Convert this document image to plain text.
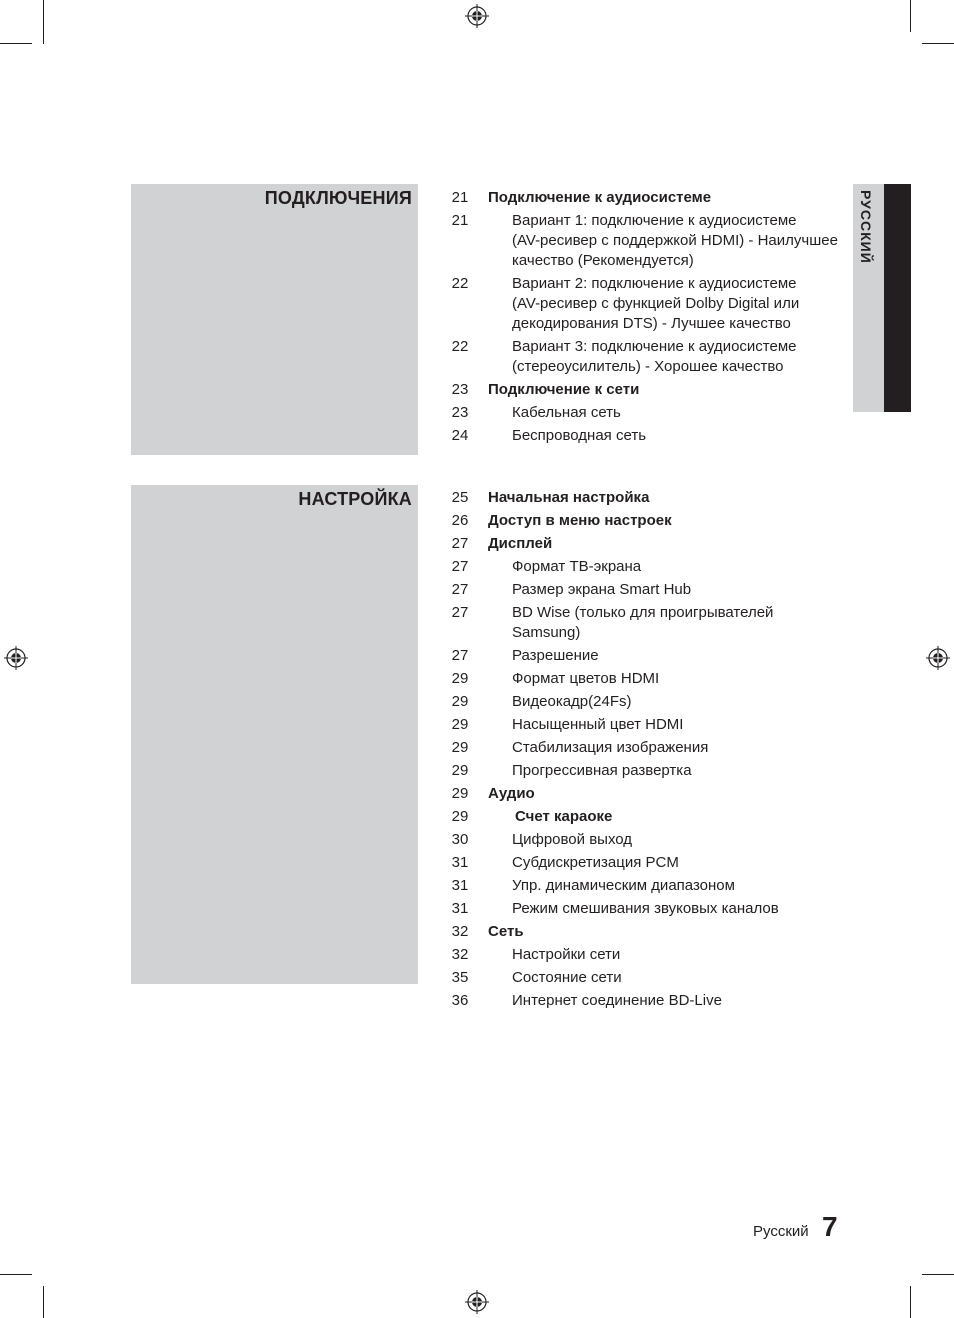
ПОДКЛЮЧЕНИЯ	21	Подключение к аудиосистеме
21	Вариант 1: подключение к аудиосистеме
(AV-ресивер с поддержкой HDMI) - Наилучшее
качество (Рекомендуется)
22	Вариант 2: подключение к аудиосистеме
(AV-ресивер с функцией Dolby Digital или
декодирования DTS) - Лучшее качество
22	Вариант 3: подключение к аудиосистеме
(стереоусилитель) - Хорошее качество
23	Подключение к сети
23	Кабельная сеть
24	Беспроводная сеть
НАСТРОЙКА	25	Начальная настройка
26	Доступ в меню настроек
27	Дисплей
27	Формат ТВ-экрана
27	Размер экрана Smart Hub
27	BD Wise (только для проигрывателей Samsung)
27	Разрешение
29	Формат цветов HDMI
29	Видеокадр(24Fs)
29	Насыщенный цвет HDMI
29	Стабилизация изображения
29	Прогрессивная развертка
29	Аудио
29	Счет караоке
30	Цифровой выход
31	Субдискретизация PCM
31	Упр. динамическим диапазоном
31	Режим смешивания звуковых каналов
32	Сеть
32	Настройки сети
35	Состояние сети
36	Интернет соединение BD-Live
РУССКИЙ
Русский 7
